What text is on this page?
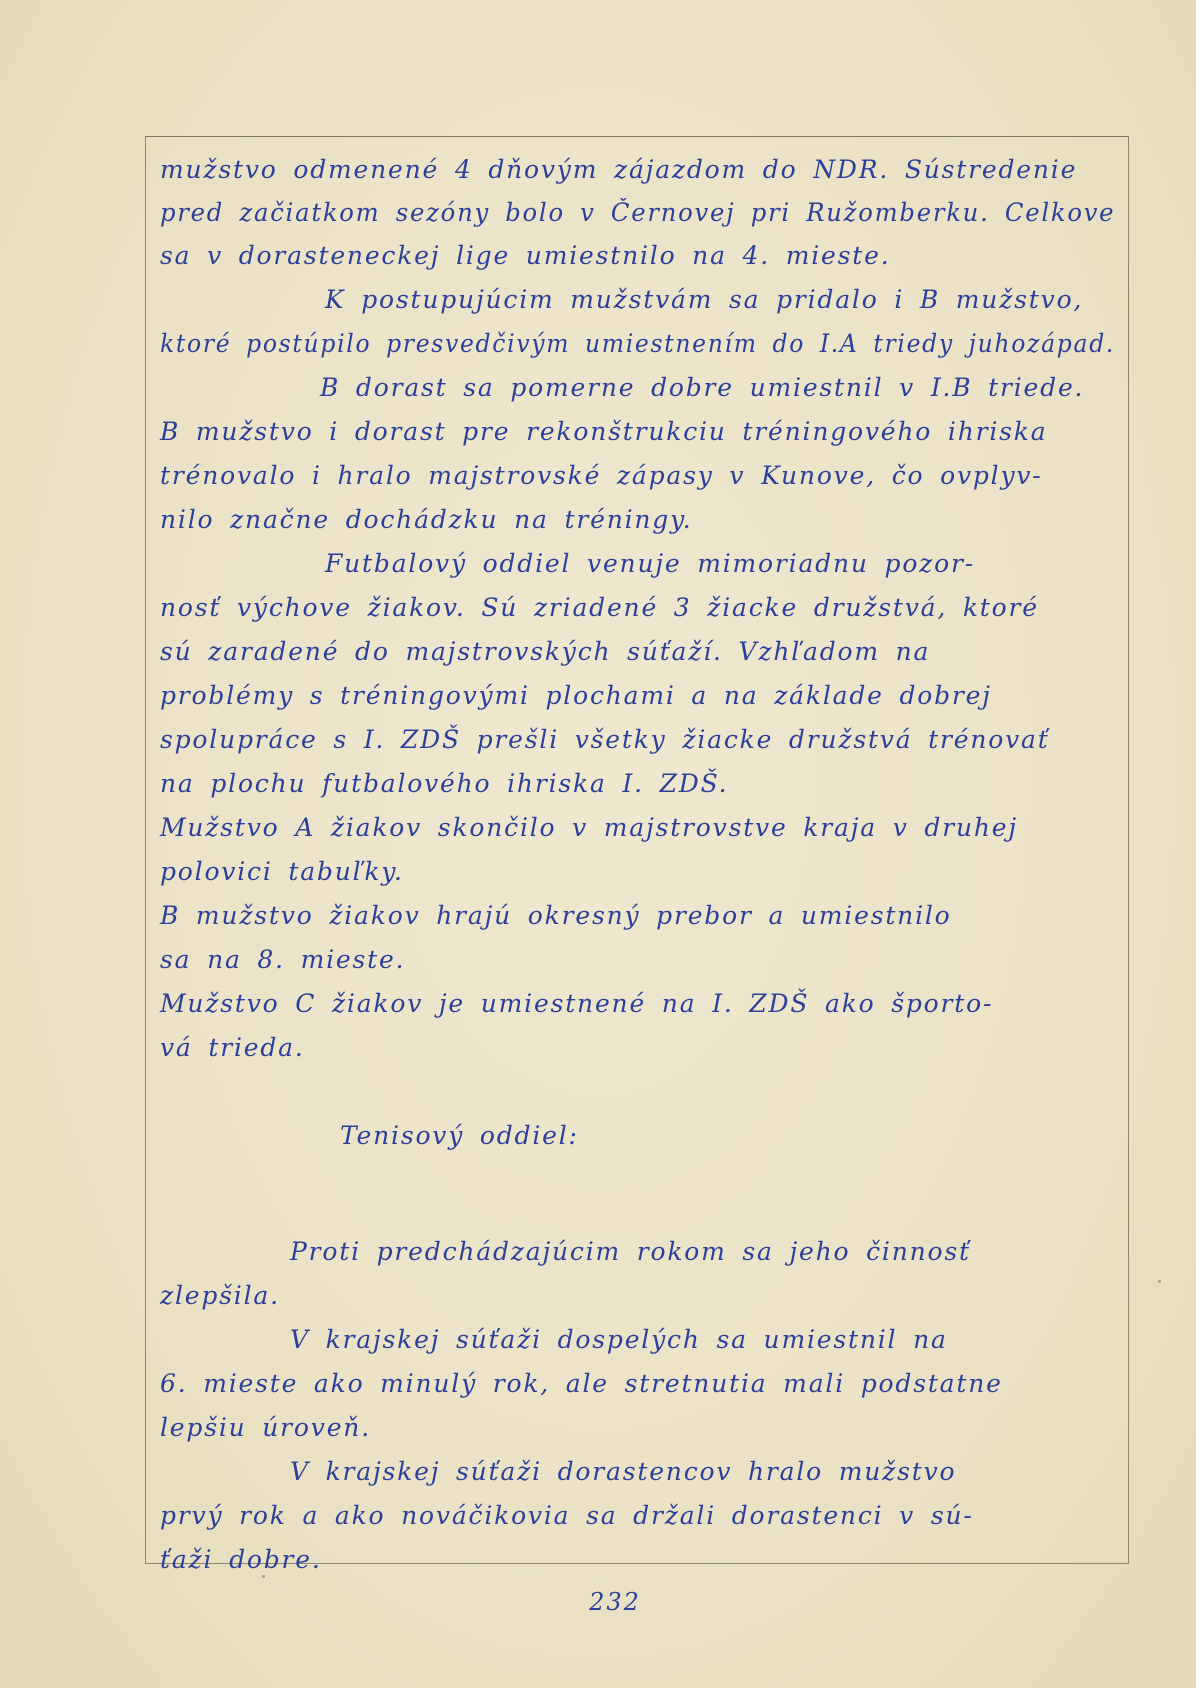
mužstvo odmenené 4 dňovým zájazdom do NDR. Sústredenie
pred začiatkom sezóny bolo v Černovej pri Ružomberku. Celkove
sa v dorasteneckej lige umiestnilo na 4. mieste.
K postupujúcim mužstvám sa pridalo i B mužstvo,
ktoré postúpilo presvedčivým umiestnením do I.A triedy juhozápad.
B dorast sa pomerne dobre umiestnil v I.B triede.
B mužstvo i dorast pre rekonštrukciu tréningového ihriska
trénovalo i hralo majstrovské zápasy v Kunove, čo ovplyv-
nilo značne dochádzku na tréningy.
Futbalový oddiel venuje mimoriadnu pozor-
nosť výchove žiakov. Sú zriadené 3 žiacke družstvá, ktoré
sú zaradené do majstrovských súťaží. Vzhľadom na
problémy s tréningovými plochami a na základe dobrej
spolupráce s I. ZDŠ prešli všetky žiacke družstvá trénovať
na plochu futbalového ihriska I. ZDŠ.
Mužstvo A žiakov skončilo v majstrovstve kraja v druhej
polovici tabuľky.
B mužstvo žiakov hrajú okresný prebor a umiestnilo
sa na 8. mieste.
Mužstvo C žiakov je umiestnené na I. ZDŠ ako športo-
vá trieda.
Tenisový oddiel:
Proti predchádzajúcim rokom sa jeho činnosť
zlepšila.
V krajskej súťaži dospelých sa umiestnil na
6. mieste ako minulý rok, ale stretnutia mali podstatne
lepšiu úroveň.
V krajskej súťaži dorastencov hralo mužstvo
prvý rok a ako nováčikovia sa držali dorastenci v sú-
ťaži dobre.
232
